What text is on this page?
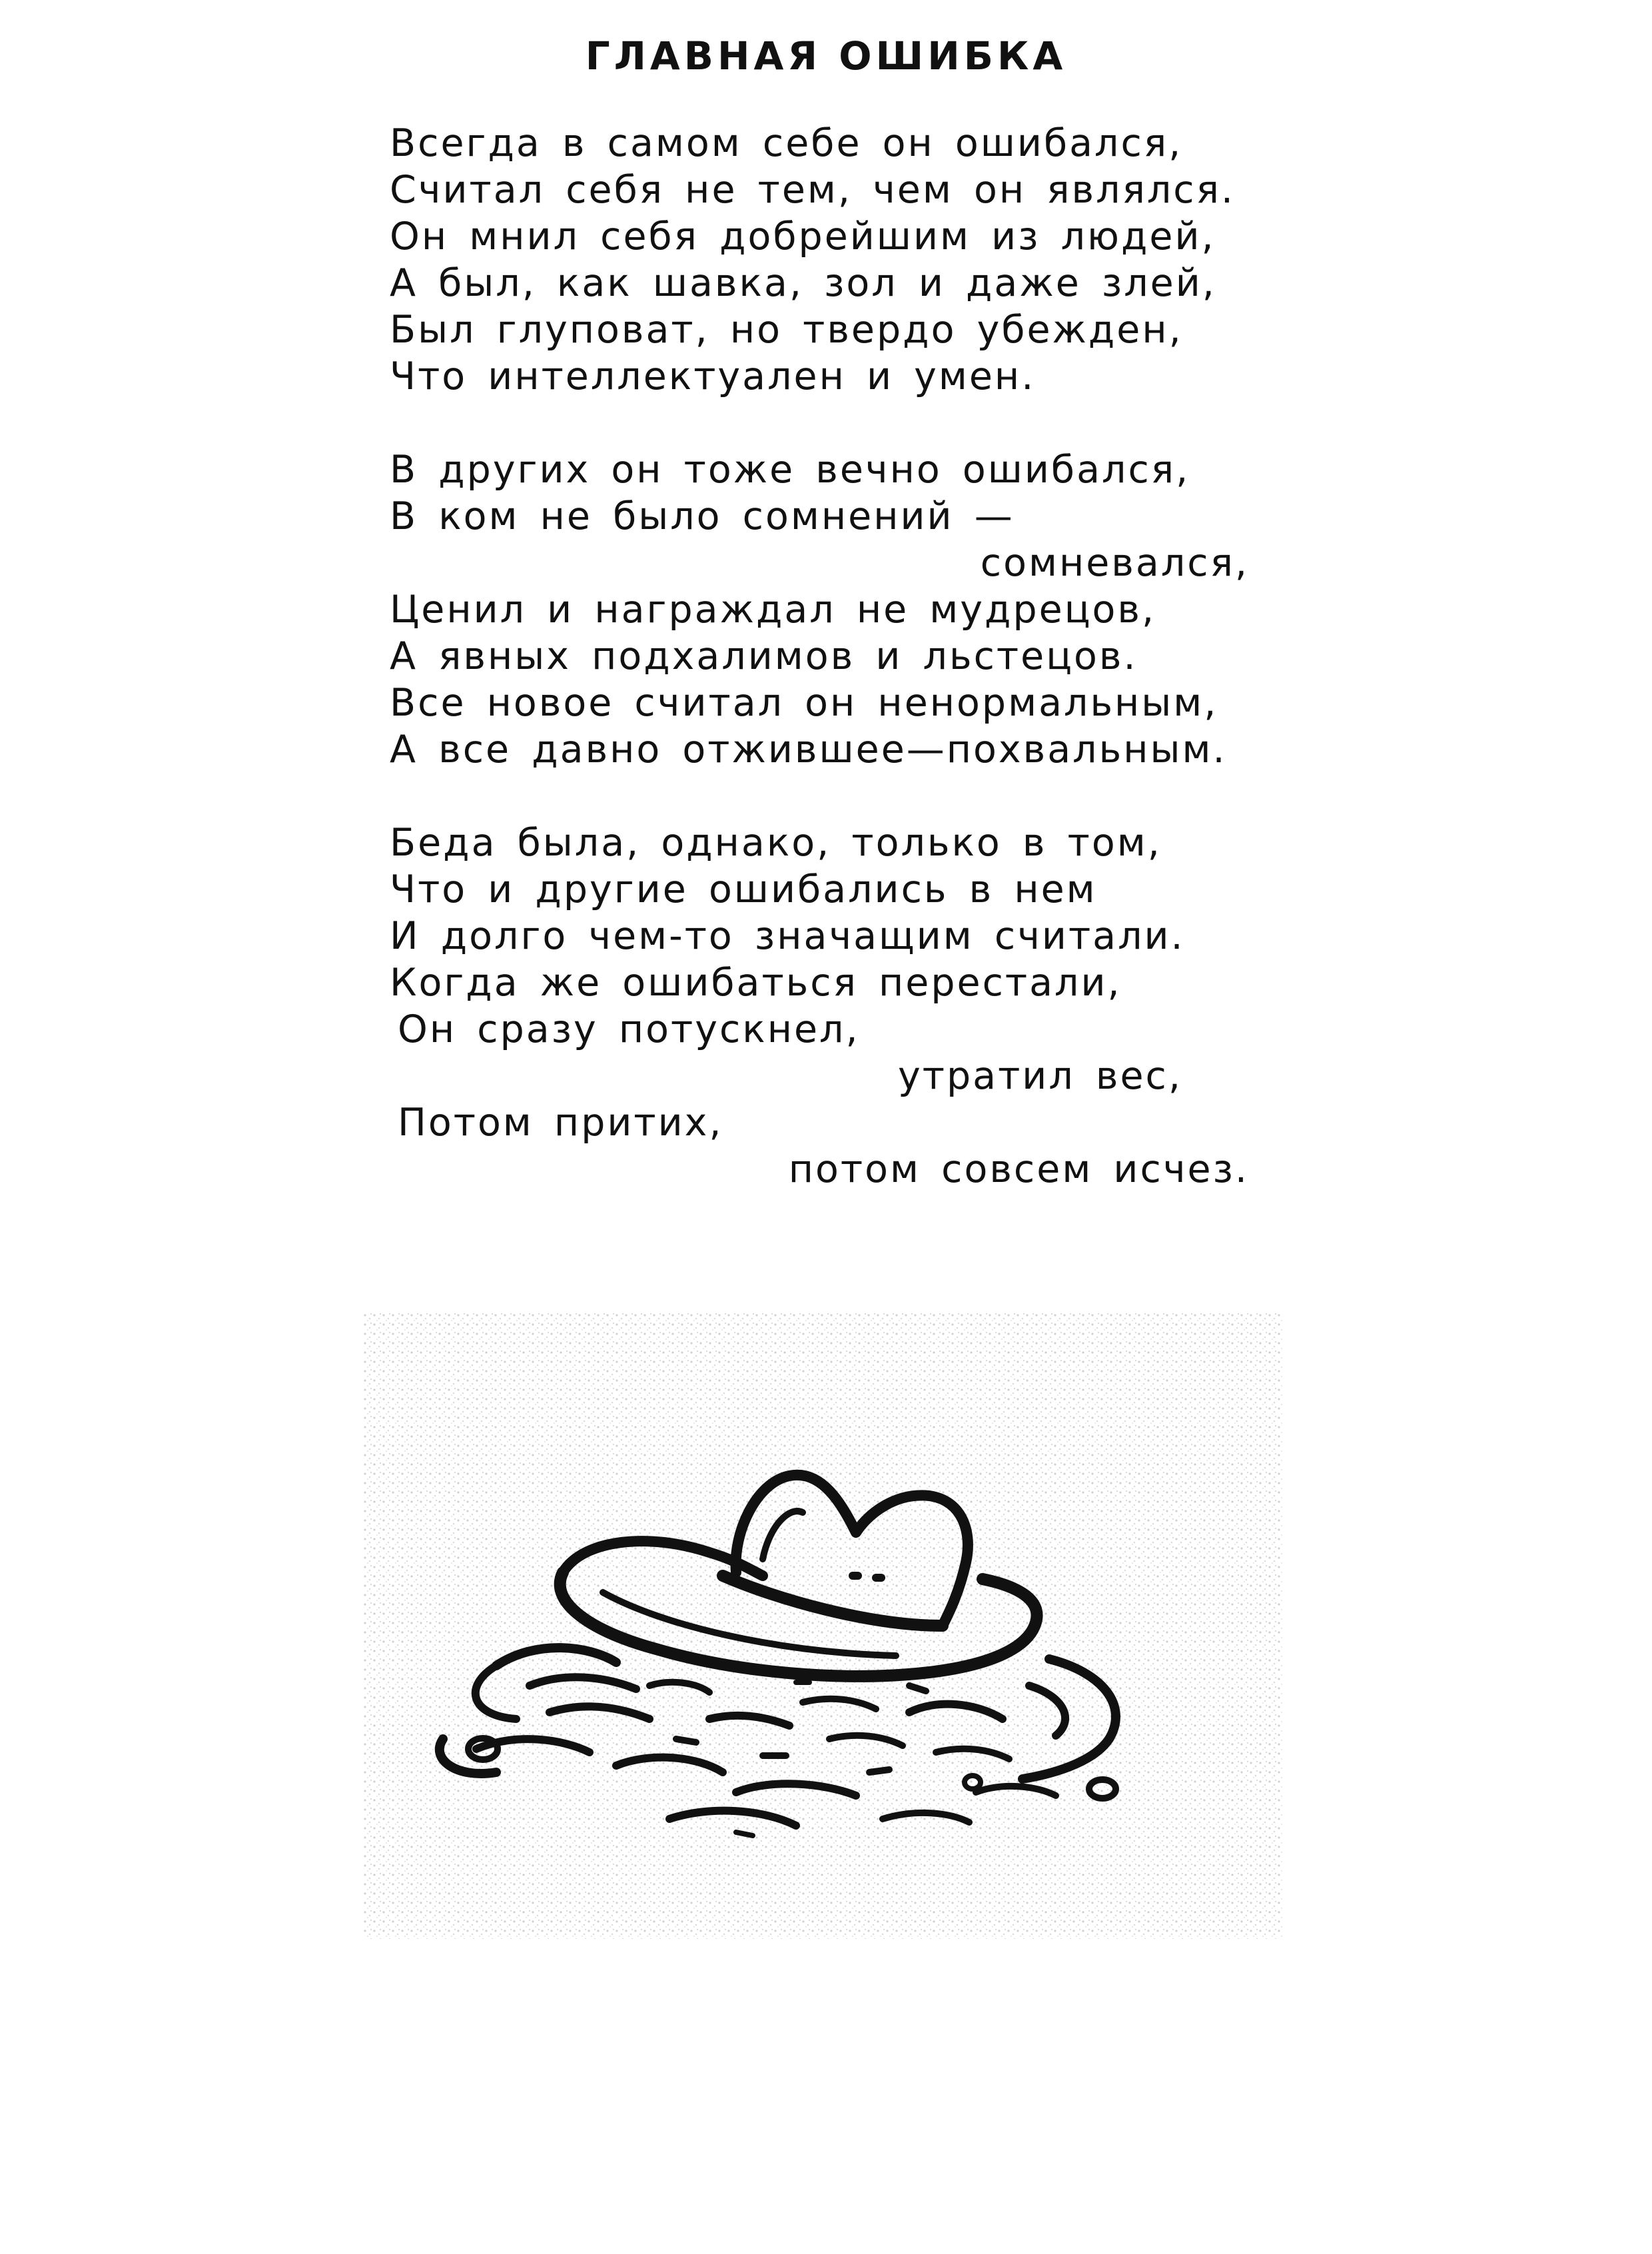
ГЛАВНАЯ ОШИБКА
Всегда в самом себе он ошибался,
Считал себя не тем, чем он являлся.
Он мнил себя добрейшим из людей,
А был, как шавка, зол и даже злей,
Был глуповат, но твердо убежден,
Что интеллектуален и умен.
В других он тоже вечно ошибался,
В ком не было сомнений —
сомневался,
Ценил и награждал не мудрецов,
А явных подхалимов и льстецов.
Все новое считал он ненормальным,
А все давно отжившее—похвальным.
Беда была, однако, только в том,
Что и другие ошибались в нем
И долго чем-то значащим считали.
Когда же ошибаться перестали,
Он сразу потускнел,
утратил вес,
Потом притих,
потом совсем исчез.
